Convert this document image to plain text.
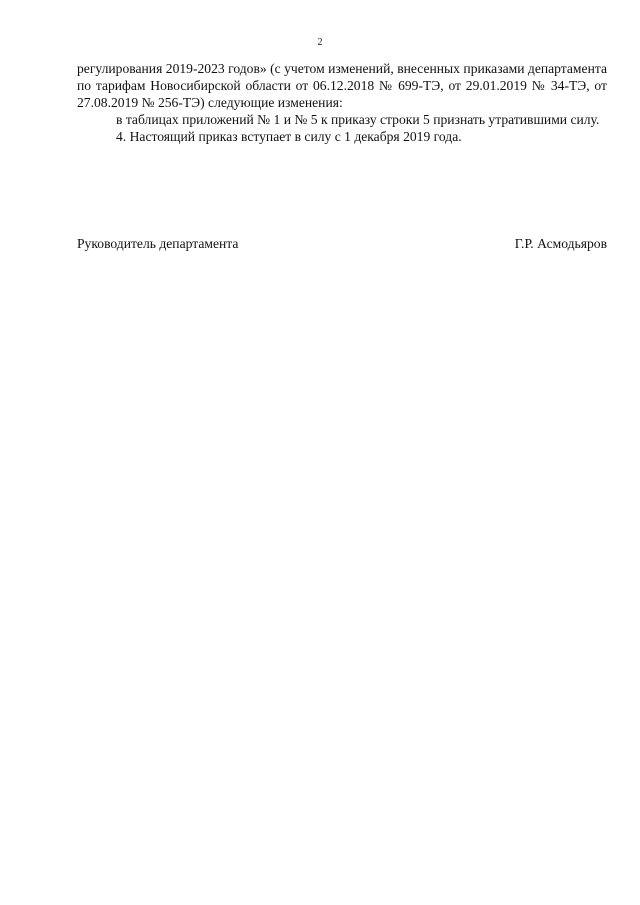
2

регулирования 2019-2023 годов» (с учетом изменений, внесенных приказами департамента по тарифам Новосибирской области от 06.12.2018 № 699-ТЭ, от 29.01.2019 № 34-ТЭ, от 27.08.2019 № 256-ТЭ) следующие изменения:

в таблицах приложений № 1 и № 5 к приказу строки 5 признать утратившими силу.

4. Настоящий приказ вступает в силу с 1 декабря 2019 года.

Руководитель департамента	Г.Р. Асмодьяров
